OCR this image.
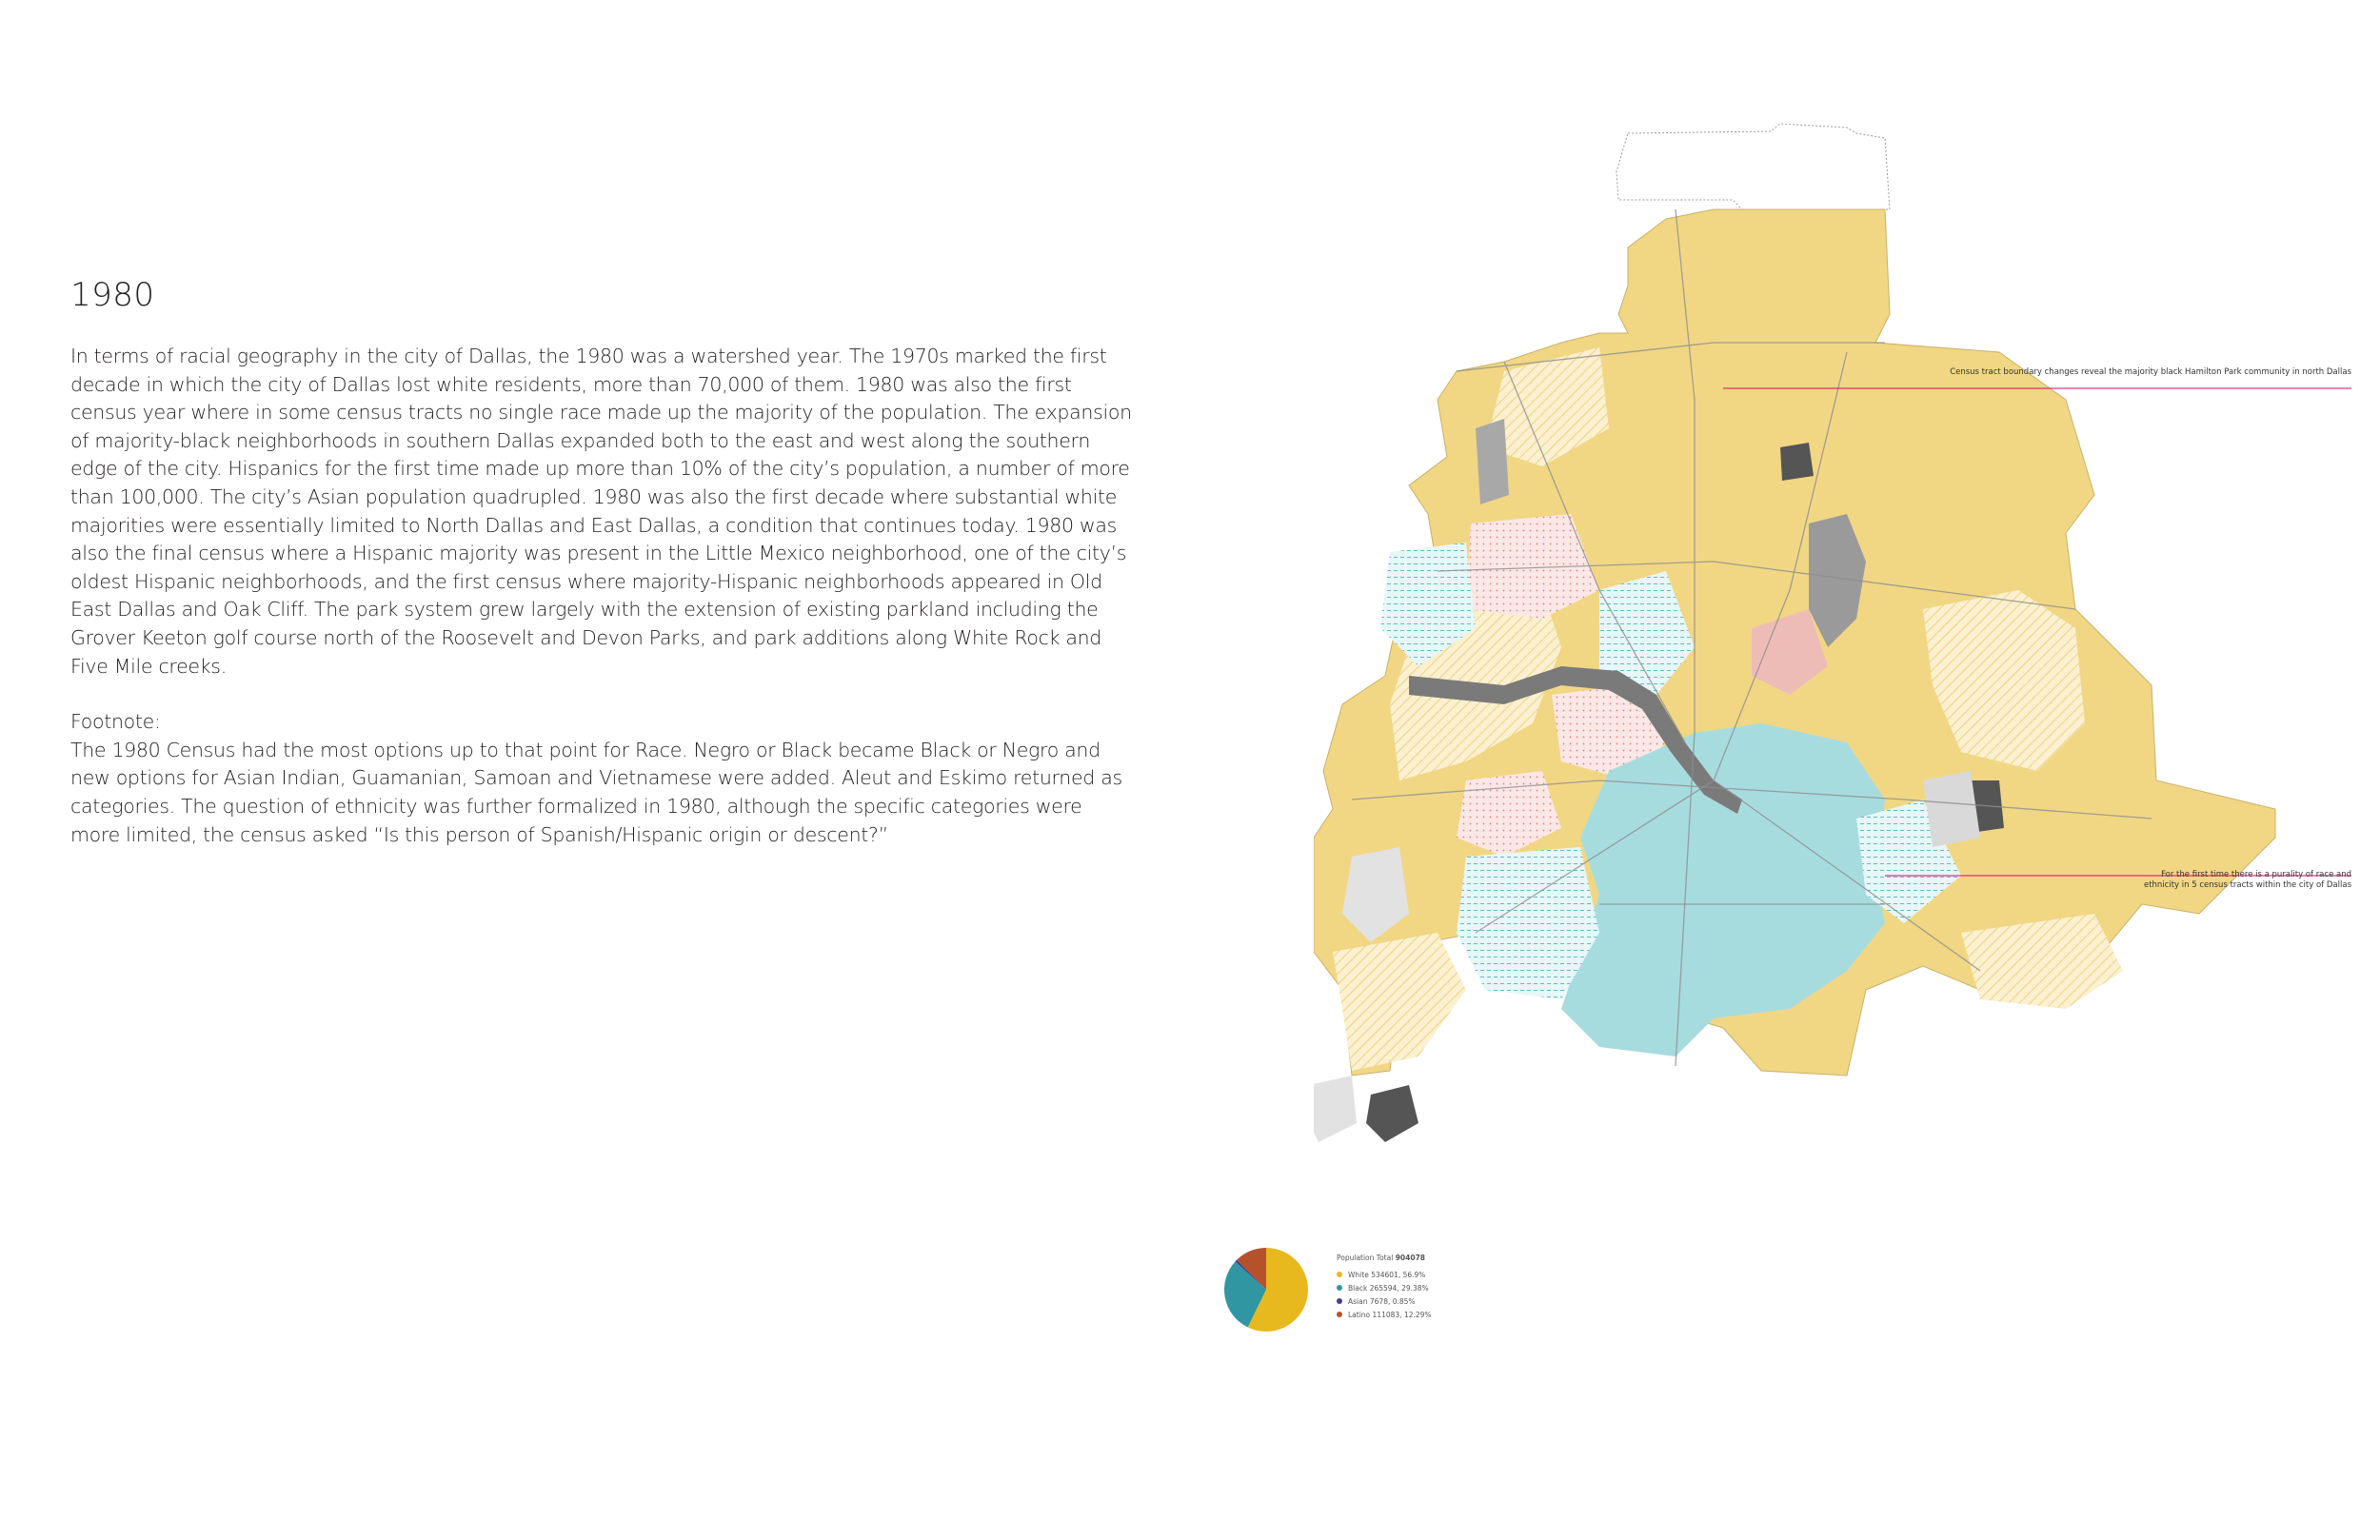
1980

In terms of racial geography in the city of Dallas, the 1980 was a watershed year. The 1970s marked the first decade in which the city of Dallas lost white residents, more than 70,000 of them. 1980 was also the first census year where in some census tracts no single race made up the majority of the population. The expansion of majority-black neighborhoods in southern Dallas expanded both to the east and west along the southern edge of the city. Hispanics for the first time made up more than 10% of the city’s population, a number of more than 100,000. The city’s Asian population quadrupled. 1980 was also the first decade where substantial white majorities were essentially limited to North Dallas and East Dallas, a condition that continues today. 1980 was also the final census where a Hispanic majority was present in the Little Mexico neighborhood, one of the city’s oldest Hispanic neighborhoods, and the first census where majority-Hispanic neighborhoods appeared in Old East Dallas and Oak Cliff. The park system grew largely with the extension of existing parkland including the Grover Keeton golf course north of the Roosevelt and Devon Parks, and park additions along White Rock and Five Mile creeks.

Footnote:

The 1980 Census had the most options up to that point for Race. Negro or Black became Black or Negro and new options for Asian Indian, Guamanian, Samoan and Vietnamese were added. Aleut and Eskimo returned as categories. The question of ethnicity was further formalized in 1980, although the specific categories were more limited, the census asked “Is this person of Spanish/Hispanic origin or descent?”

Census tract boundary changes reveal the majority black Hamilton Park community in north Dallas
For the first time there is a purality of race and
ethnicity in 5 census tracts within the city of Dallas
Population Total 904078
White
534601, 56.9%
Black
265594, 29.38%
Asian
7678, 0.85%
Latino
111083, 12.29%
